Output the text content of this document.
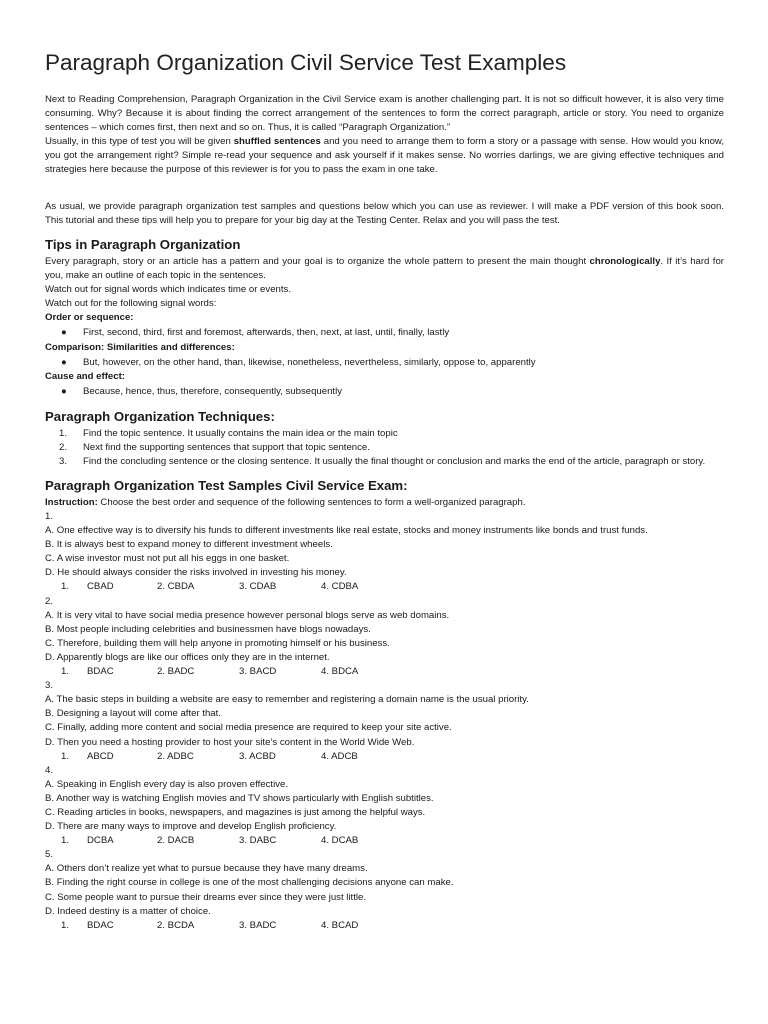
Paragraph Organization Civil Service Test Examples

Next to Reading Comprehension, Paragraph Organization in the Civil Service exam is another challenging part. It is not so difficult however, it is also very time consuming. Why? Because it is about finding the correct arrangement of the sentences to form the correct paragraph, article or story. You need to organize sentences – which comes first, then next and so on. Thus, it is called “Paragraph Organization.”

Usually, in this type of test you will be given shuffled sentences and you need to arrange them to form a story or a passage with sense. How would you know, you got the arrangement right? Simple re-read your sequence and ask yourself if it makes sense. No worries darlings, we are giving effective techniques and strategies here because the purpose of this reviewer is for you to pass the exam in one take.

As usual, we provide paragraph organization test samples and questions below which you can use as reviewer. I will make a PDF version of this book soon. This tutorial and these tips will help you to prepare for your big day at the Testing Center. Relax and you will pass the test.

Tips in Paragraph Organization

Every paragraph, story or an article has a pattern and your goal is to organize the whole pattern to present the main thought chronologically. If it’s hard for you, make an outline of each topic in the sentences.

Watch out for signal words which indicates time or events.
Watch out for the following signal words:
Order or sequence:
●	First, second, third, first and foremost, afterwards, then, next, at last, until, finally, lastly
Comparison: Similarities and differences:
●	But, however, on the other hand, than, likewise, nonetheless, nevertheless, similarly, oppose to, apparently
Cause and effect:
●	Because, hence, thus, therefore, consequently, subsequently
Paragraph Organization Techniques:
1.	Find the topic sentence. It usually contains the main idea or the main topic
2.	Next find the supporting sentences that support that topic sentence.
3.	Find the concluding sentence or the closing sentence. It usually the final thought or conclusion and marks the end of the article, paragraph or story.
Paragraph Organization Test Samples Civil Service Exam:
Instruction: Choose the best order and sequence of the following sentences to form a well-organized paragraph.
1.
A. One effective way is to diversify his funds to different investments like real estate, stocks and money instruments like bonds and trust funds.
B. It is always best to expand money to different investment wheels.
C. A wise investor must not put all his eggs in one basket.
D. He should always consider the risks involved in investing his money.
1.	CBAD	2. CBDA	3. CDAB	4. CDBA
2.
A. It is very vital to have social media presence however personal blogs serve as web domains.
B. Most people including celebrities and businessmen have blogs nowadays.
C. Therefore, building them will help anyone in promoting himself or his business.
D. Apparently blogs are like our offices only they are in the internet.
1.	BDAC	2. BADC	3. BACD	4. BDCA
3.
A. The basic steps in building a website are easy to remember and registering a domain name is the usual priority.
B. Designing a layout will come after that.
C. Finally, adding more content and social media presence are required to keep your site active.
D. Then you need a hosting provider to host your site’s content in the World Wide Web.
1.	ABCD	2. ADBC	3. ACBD	4. ADCB
4.
A. Speaking in English every day is also proven effective.
B. Another way is watching English movies and TV shows particularly with English subtitles.
C. Reading articles in books, newspapers, and magazines is just among the helpful ways.
D. There are many ways to improve and develop English proficiency.
1.	DCBA	2. DACB	3. DABC	4. DCAB
5.
A. Others don’t realize yet what to pursue because they have many dreams.
B. Finding the right course in college is one of the most challenging decisions anyone can make.
C. Some people want to pursue their dreams ever since they were just little.
D. Indeed destiny is a matter of choice.
1.	BDAC	2. BCDA	3. BADC	4. BCAD
